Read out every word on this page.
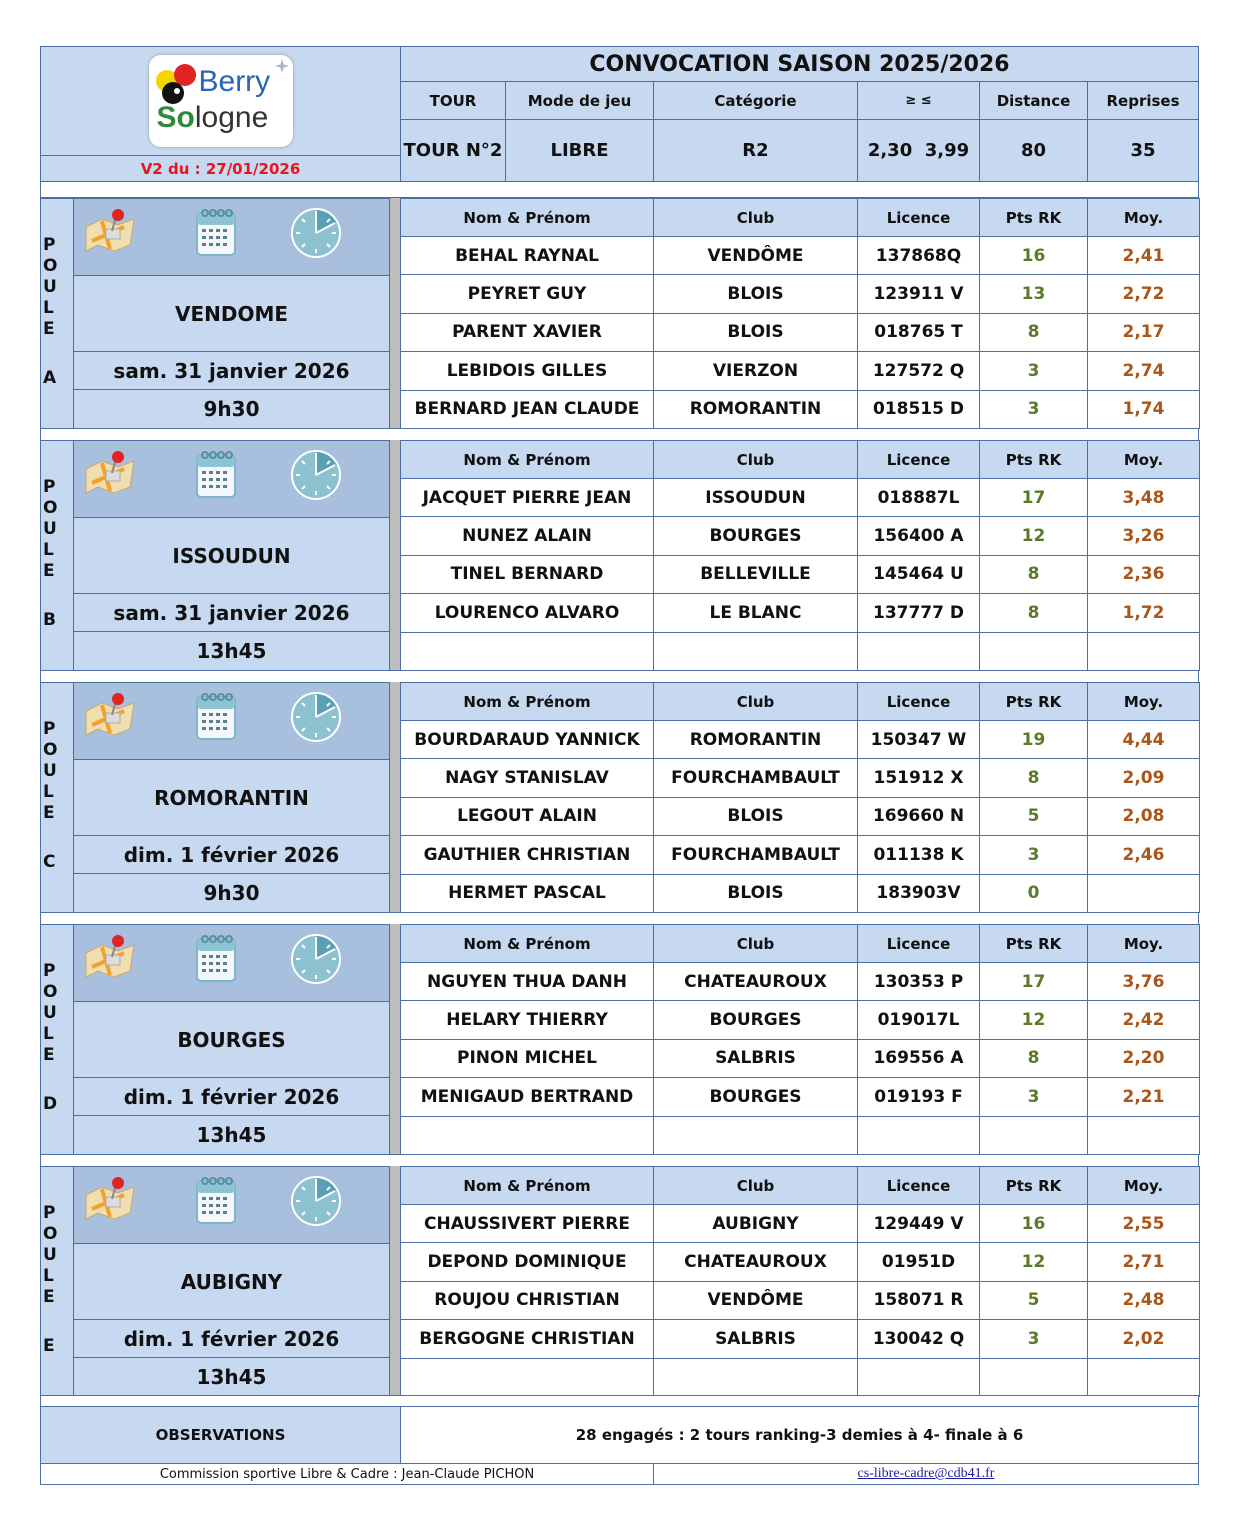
Berry
Sologne
V2 du : 27/01/2026
CONVOCATION SAISON 2025/2026
TOUR	Mode de jeu	Catégorie	≥ ≤	Distance	Reprises
TOUR N°2	LIBRE	R2	2,30  3,99	80	35
P
O
U
L
E
A
VENDOME
sam. 31 janvier 2026
9h30
Nom & Prénom	Club	Licence	Pts RK	Moy.
BEHAL RAYNAL	VENDÔME	137868Q	16	2,41
PEYRET GUY	BLOIS	123911 V	13	2,72
PARENT XAVIER	BLOIS	018765 T	8	2,17
LEBIDOIS GILLES	VIERZON	127572 Q	3	2,74
BERNARD JEAN CLAUDE	ROMORANTIN	018515 D	3	1,74
P
O
U
L
E
B
ISSOUDUN
sam. 31 janvier 2026
13h45
Nom & Prénom	Club	Licence	Pts RK	Moy.
JACQUET PIERRE JEAN	ISSOUDUN	018887L	17	3,48
NUNEZ ALAIN	BOURGES	156400 A	12	3,26
TINEL BERNARD	BELLEVILLE	145464 U	8	2,36
LOURENCO ALVARO	LE BLANC	137777 D	8	1,72
P
O
U
L
E
C
ROMORANTIN
dim. 1 février 2026
9h30
Nom & Prénom	Club	Licence	Pts RK	Moy.
BOURDARAUD YANNICK	ROMORANTIN	150347 W	19	4,44
NAGY STANISLAV	FOURCHAMBAULT	151912 X	8	2,09
LEGOUT ALAIN	BLOIS	169660 N	5	2,08
GAUTHIER CHRISTIAN	FOURCHAMBAULT	011138 K	3	2,46
HERMET PASCAL	BLOIS	183903V	0
P
O
U
L
E
D
BOURGES
dim. 1 février 2026
13h45
Nom & Prénom	Club	Licence	Pts RK	Moy.
NGUYEN THUA DANH	CHATEAUROUX	130353 P	17	3,76
HELARY THIERRY	BOURGES	019017L	12	2,42
PINON MICHEL	SALBRIS	169556 A	8	2,20
MENIGAUD BERTRAND	BOURGES	019193 F	3	2,21
P
O
U
L
E
E
AUBIGNY
dim. 1 février 2026
13h45
Nom & Prénom	Club	Licence	Pts RK	Moy.
CHAUSSIVERT PIERRE	AUBIGNY	129449 V	16	2,55
DEPOND DOMINIQUE	CHATEAUROUX	01951D	12	2,71
ROUJOU CHRISTIAN	VENDÔME	158071 R	5	2,48
BERGOGNE CHRISTIAN	SALBRIS	130042 Q	3	2,02
OBSERVATIONS	28 engagés : 2 tours ranking-3 demies à 4- finale à 6
Commission sportive Libre & Cadre : Jean-Claude PICHON	cs-libre-cadre@cdb41.fr
